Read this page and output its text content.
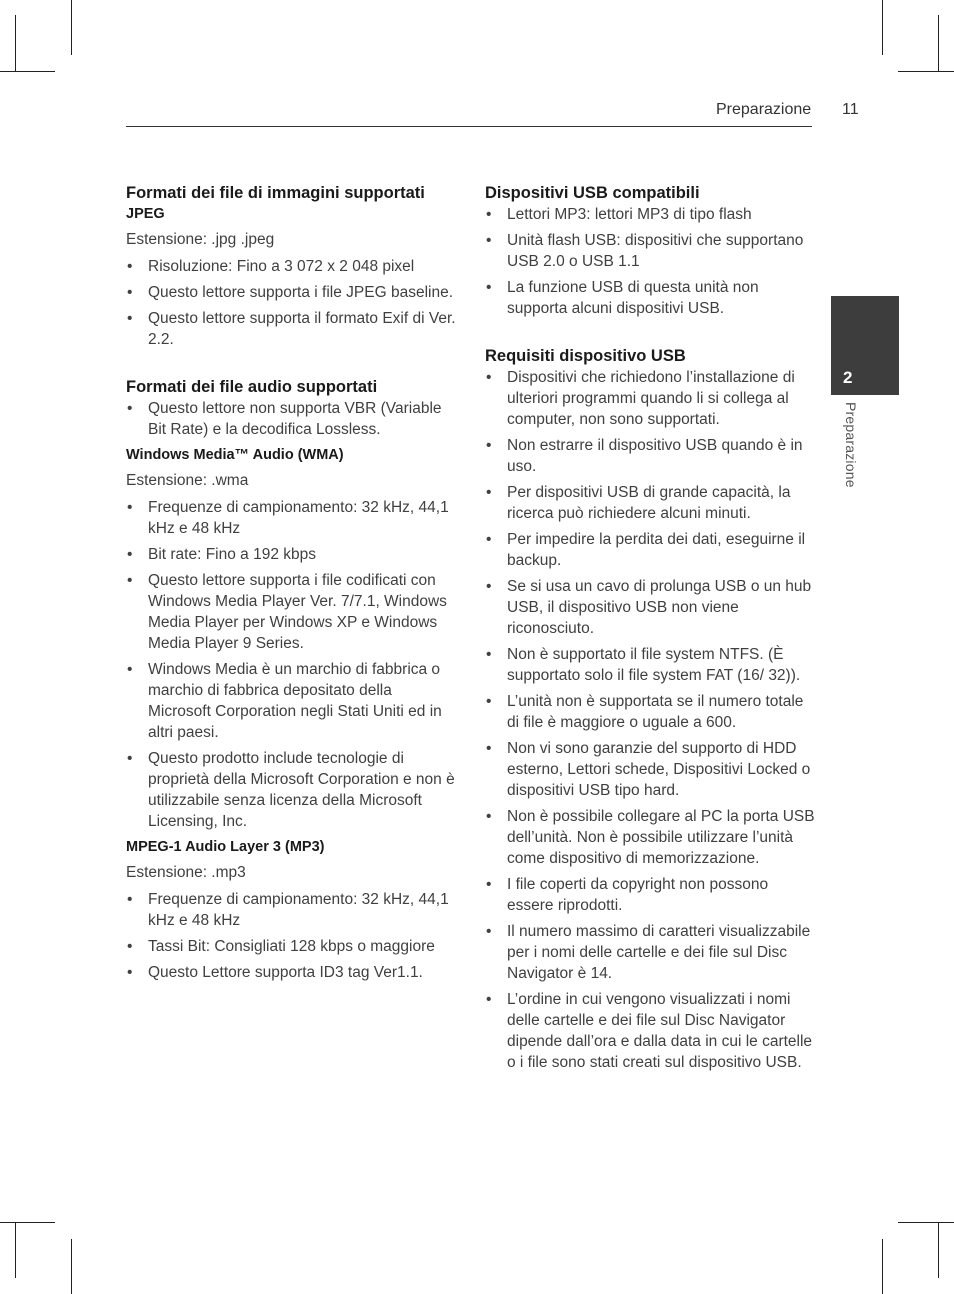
Preparazione 11
2
Preparazione
Formati dei file di immagini supportati
JPEG
Estensione: .jpg .jpeg
• Risoluzione: Fino a 3 072 x 2 048 pixel
• Questo lettore supporta i file JPEG baseline.
• Questo lettore supporta il formato Exif di Ver. 2.2.
Formati dei file audio supportati
• Questo lettore non supporta VBR (Variable Bit Rate) e la decodifica Lossless.
Windows Media™ Audio (WMA)
Estensione: .wma
• Frequenze di campionamento: 32 kHz, 44,1 kHz e 48 kHz
• Bit rate: Fino a 192 kbps
• Questo lettore supporta i file codificati con Windows Media Player Ver. 7/7.1, Windows Media Player per Windows XP e Windows Media Player 9 Series.
• Windows Media è un marchio di fabbrica o marchio di fabbrica depositato della Microsoft Corporation negli Stati Uniti ed in altri paesi.
• Questo prodotto include tecnologie di proprietà della Microsoft Corporation e non è utilizzabile senza licenza della Microsoft Licensing, Inc.
MPEG-1 Audio Layer 3 (MP3)
Estensione: .mp3
• Frequenze di campionamento: 32 kHz, 44,1 kHz e 48 kHz
• Tassi Bit: Consigliati 128 kbps o maggiore
• Questo Lettore supporta ID3 tag Ver1.1.
Dispositivi USB compatibili
• Lettori MP3: lettori MP3 di tipo flash
• Unità flash USB: dispositivi che supportano USB 2.0 o USB 1.1
• La funzione USB di questa unità non supporta alcuni dispositivi USB.
Requisiti dispositivo USB
• Dispositivi che richiedono l’installazione di ulteriori programmi quando li si collega al computer, non sono supportati.
• Non estrarre il dispositivo USB quando è in uso.
• Per dispositivi USB di grande capacità, la ricerca può richiedere alcuni minuti.
• Per impedire la perdita dei dati, eseguirne il backup.
• Se si usa un cavo di prolunga USB o un hub USB, il dispositivo USB non viene riconosciuto.
• Non è supportato il file system NTFS. (È supportato solo il file system FAT (16/ 32)).
• L’unità non è supportata se il numero totale di file è maggiore o uguale a 600.
• Non vi sono garanzie del supporto di HDD esterno, Lettori schede, Dispositivi Locked o dispositivi USB tipo hard.
• Non è possibile collegare al PC la porta USB dell’unità. Non è possibile utilizzare l’unità come dispositivo di memorizzazione.
• I file coperti da copyright non possono essere riprodotti.
• Il numero massimo di caratteri visualizzabile per i nomi delle cartelle e dei file sul Disc Navigator è 14.
• L’ordine in cui vengono visualizzati i nomi delle cartelle e dei file sul Disc Navigator dipende dall’ora e dalla data in cui le cartelle o i file sono stati creati sul dispositivo USB.
